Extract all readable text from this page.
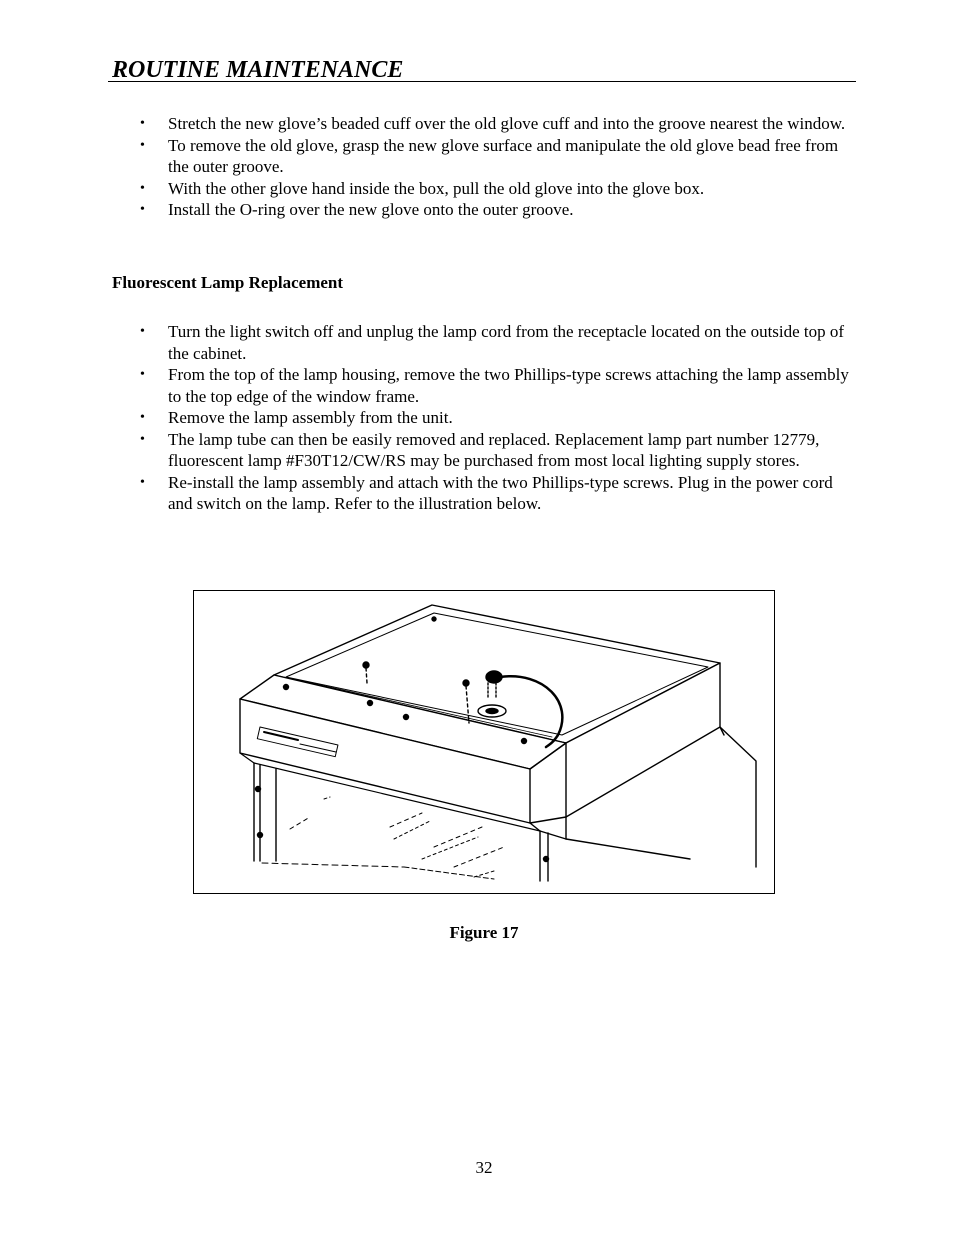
ROUTINE MAINTENANCE
• Stretch the new glove’s beaded cuff over the old glove cuff and into the groove nearest the window.
• To remove the old glove, grasp the new glove surface and manipulate the old glove bead free from the outer groove.
• With the other glove hand inside the box, pull the old glove into the glove box.
• Install the O-ring over the new glove onto the outer groove.
Fluorescent Lamp Replacement
• Turn the light switch off and unplug the lamp cord from the receptacle located on the outside top of the cabinet.
• From the top of the lamp housing, remove the two Phillips-type screws attaching the lamp assembly to the top edge of the window frame.
• Remove the lamp assembly from the unit.
• The lamp tube can then be easily removed and replaced. Replacement lamp part number 12779, fluorescent lamp #F30T12/CW/RS may be purchased from most local lighting supply stores.
• Re-install the lamp assembly and attach with the two Phillips-type screws. Plug in the power cord and switch on the lamp. Refer to the illustration below.
Figure 17
32
